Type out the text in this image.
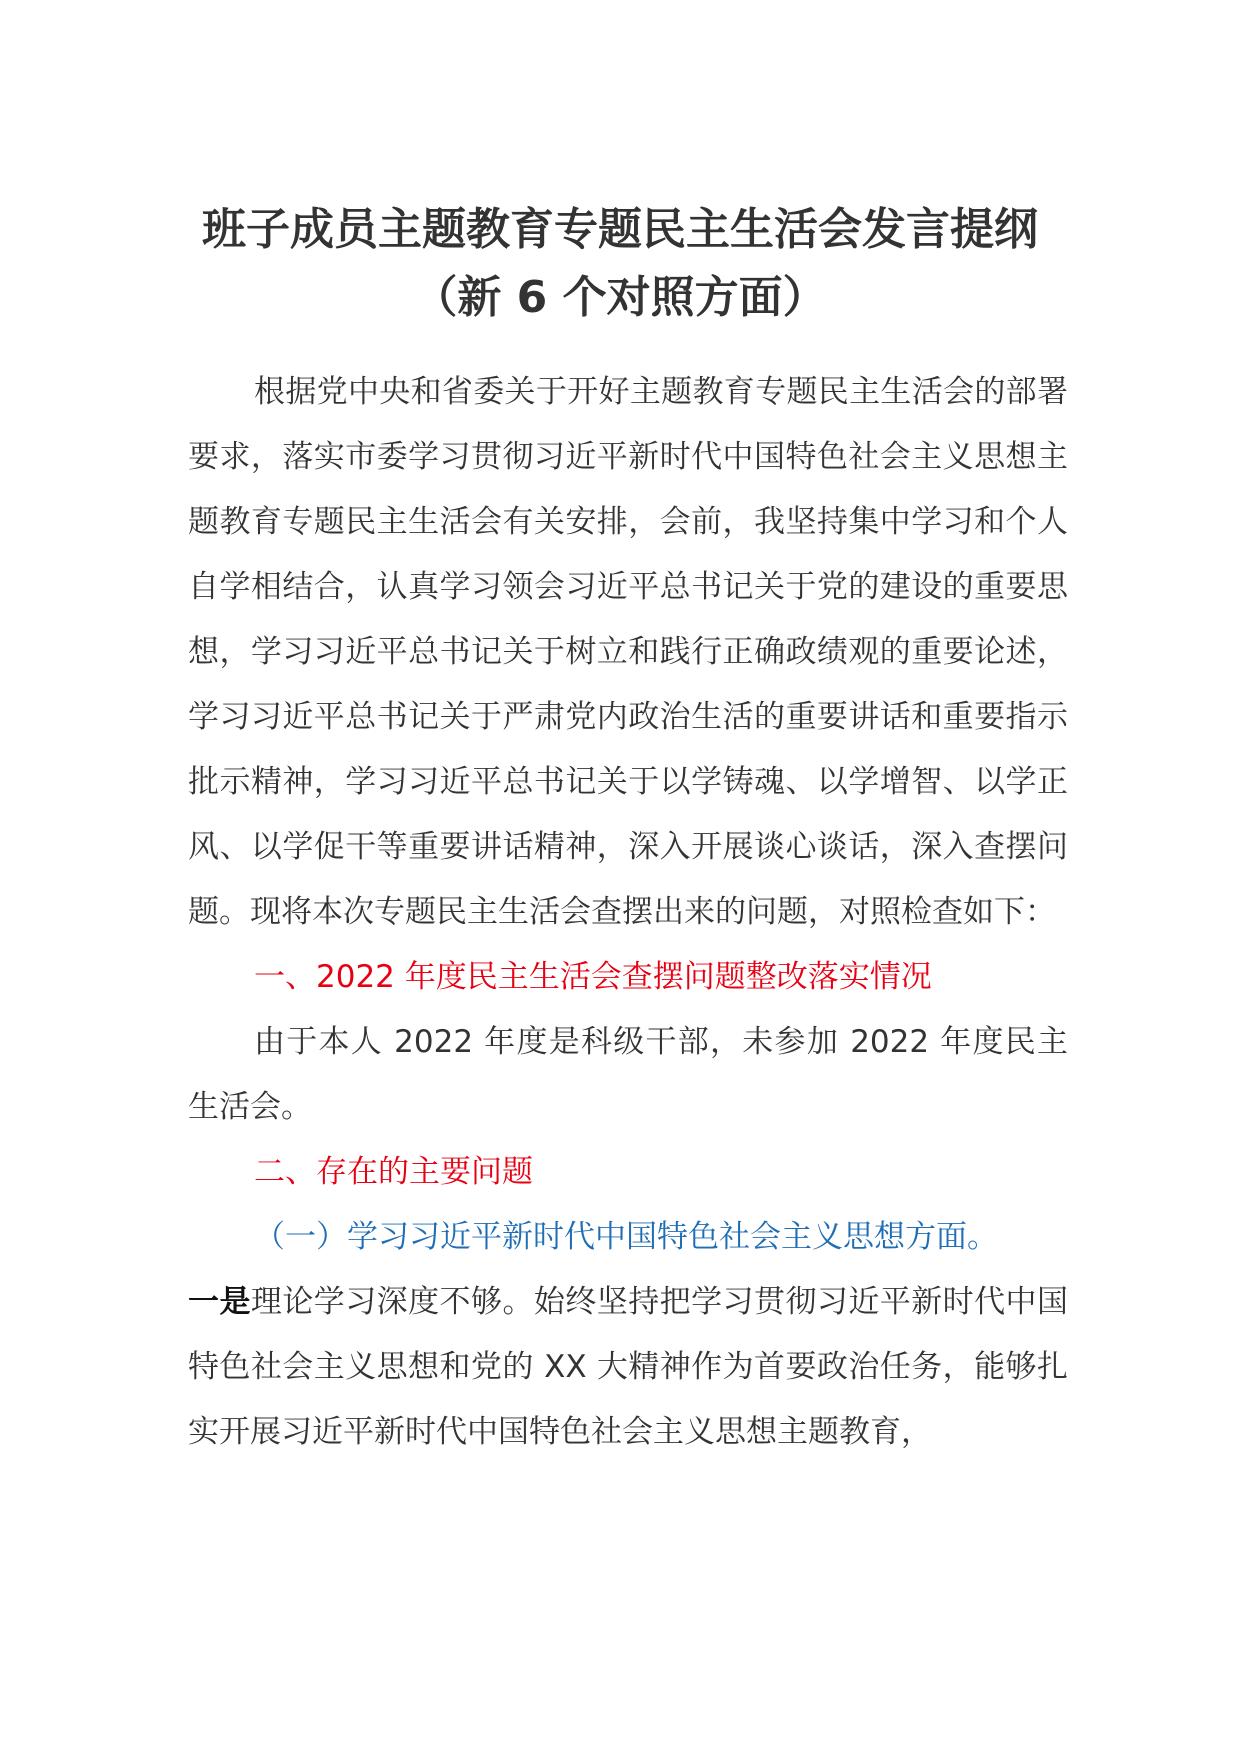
班子成员主题教育专题民主生活会发言提纲
（新 6 个对照方面）

根据党中央和省委关于开好主题教育专题民主生活会的部署要求，落实市委学习贯彻习近平新时代中国特色社会主义思想主题教育专题民主生活会有关安排，会前，我坚持集中学习和个人自学相结合，认真学习领会习近平总书记关于党的建设的重要思想，学习习近平总书记关于树立和践行正确政绩观的重要论述，学习习近平总书记关于严肃党内政治生活的重要讲话和重要指示批示精神，学习习近平总书记关于以学铸魂、以学增智、以学正风、以学促干等重要讲话精神，深入开展谈心谈话，深入查摆问题。现将本次专题民主生活会查摆出来的问题，对照检查如下：

一、2022 年度民主生活会查摆问题整改落实情况

由于本人 2022 年度是科级干部，未参加 2022 年度民主生活会。

二、存在的主要问题

（一）学习习近平新时代中国特色社会主义思想方面。

一是理论学习深度不够。始终坚持把学习贯彻习近平新时代中国特色社会主义思想和党的 XX 大精神作为首要政治任务，能够扎实开展习近平新时代中国特色社会主义思想主题教育，
